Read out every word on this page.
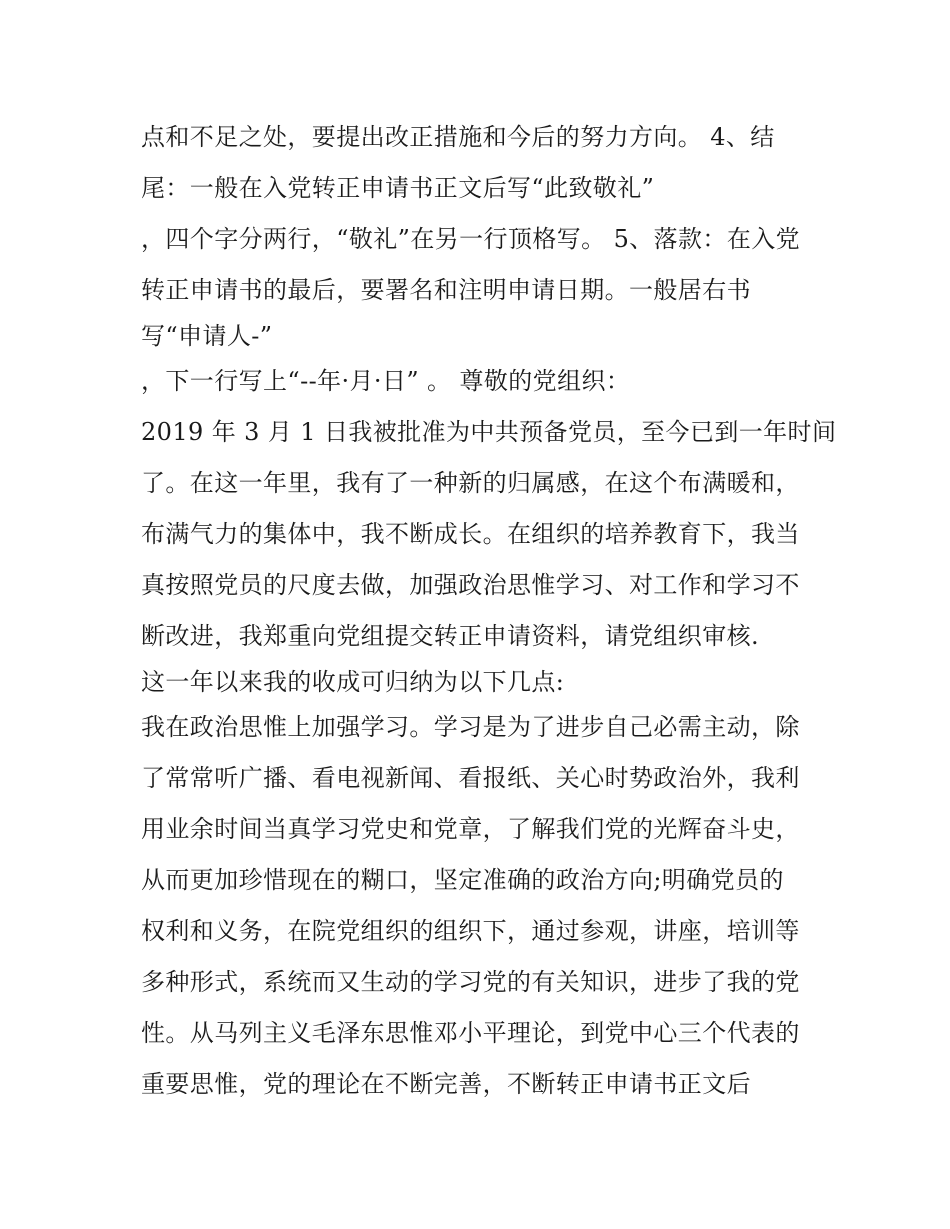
点和不足之处，要提出改正措施和今后的努力方向。 4、结

尾：一般在入党转正申请书正文后写“此致敬礼”

，四个字分两行，“敬礼”在另一行顶格写。 5、落款：在入党

转正申请书的最后，要署名和注明申请日期。一般居右书

写“申请人-”

，下一行写上“--年·月·日” 。 尊敬的党组织：

2019 年 3 月 1 日我被批准为中共预备党员，至今已到一年时间

了。在这一年里，我有了一种新的归属感，在这个布满暖和，

布满气力的集体中，我不断成长。在组织的培养教育下，我当

真按照党员的尺度去做，加强政治思惟学习、对工作和学习不

断改进，我郑重向党组提交转正申请资料，请党组织审核.

这一年以来我的收成可归纳为以下几点:

我在政治思惟上加强学习。学习是为了进步自己必需主动，除

了常常听广播、看电视新闻、看报纸、关心时势政治外，我利

用业余时间当真学习党史和党章，了解我们党的光辉奋斗史，

从而更加珍惜现在的糊口，坚定准确的政治方向;明确党员的

权利和义务，在院党组织的组织下，通过参观，讲座，培训等

多种形式，系统而又生动的学习党的有关知识，进步了我的党

性。从马列主义毛泽东思惟邓小平理论，到党中心三个代表的

重要思惟，党的理论在不断完善，不断转正申请书正文后
